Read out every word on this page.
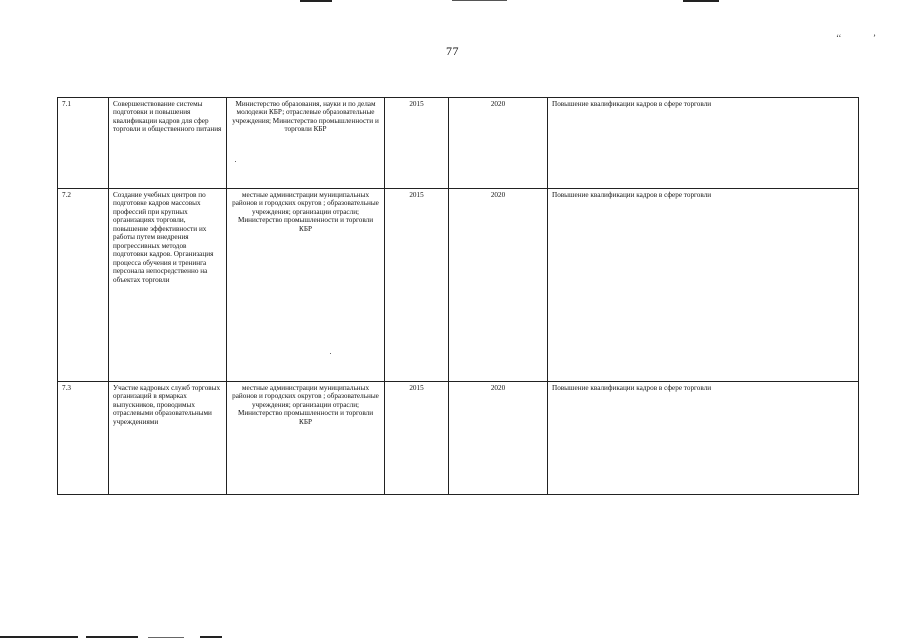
‘‘	’
77
7.1	Совершенствование системы подготовки и повышения квалификации кадров для сфер торговли и общественного питания	Министерство образования, науки и по делам молодежи КБР; отраслевые образовательные учреждения; Министерство промышленности и торговли КБР	2015	2020	Повышение квалификации кадров в сфере торговли
7.2	Создание учебных центров по подготовке кадров массовых профессий при крупных организациях торговли, повышение эффективности их работы путем внедрения прогрессивных методов подготовки кадров. Организация процесса обучения и тренинга персонала непосредственно на объектах торговли	местные администрации муниципальных районов и городских округов ; образовательные учреждения; организации отрасли; Министерство промышленности и торговли КБР	2015	2020	Повышение квалификации кадров в сфере торговли
7.3	Участие кадровых служб торговых организаций в ярмарках выпускников, проводимых отраслевыми образовательными учреждениями	местные администрации муниципальных районов и городских округов ; образовательные учреждения; организации отрасли; Министерство промышленности и торговли КБР	2015	2020	Повышение квалификации кадров в сфере торговли
